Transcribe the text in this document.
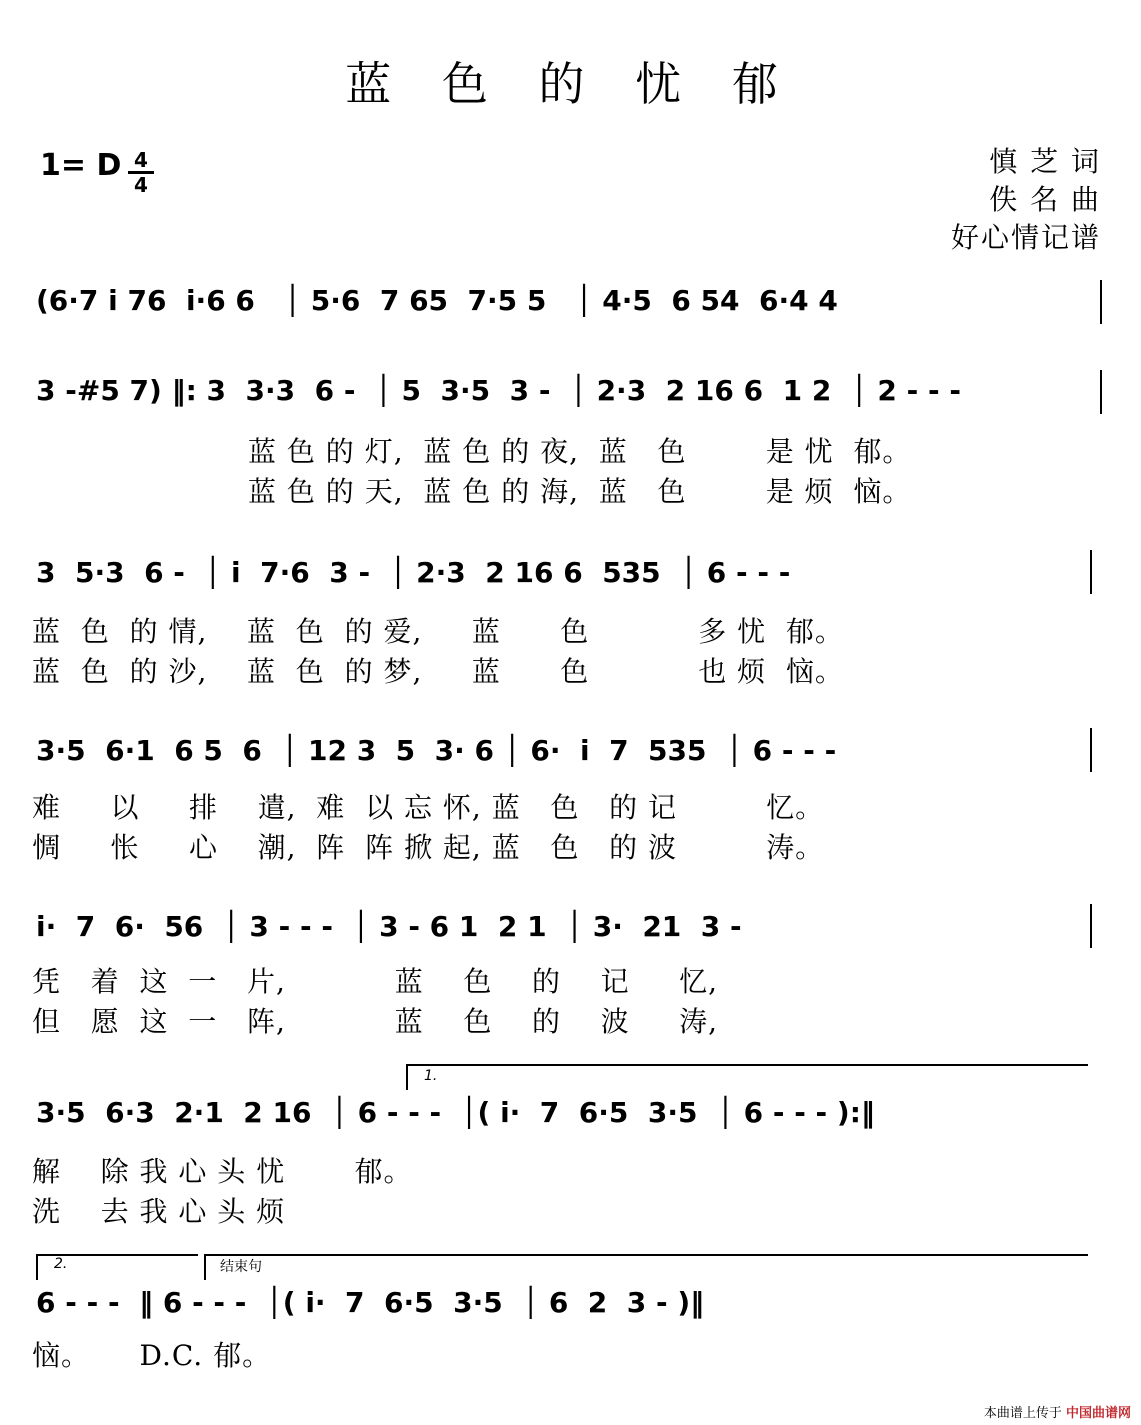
蓝 色 的 忧 郁
1= D 4
4
慎 芝 词
佚 名 曲
好心情记谱
(6·7 i 76  i·6 6   │ 5·6  7 65  7·5 5   │ 4·5  6 54  6·4 4
3 -#5 7) ‖: 3  3·3  6 -  │ 5  3·5  3 -  │ 2·3  2 16 6  1 2  │ 2 - - -
蓝 色 的 灯,  蓝 色 的 夜,  蓝   色        是 忧  郁。
蓝 色 的 天,  蓝 色 的 海,  蓝   色        是 烦  恼。
3  5·3  6 -  │ i  7·6  3 -  │ 2·3  2 16 6  535  │ 6 - - -
蓝  色  的 情,    蓝  色  的 爱,     蓝      色           多 忧  郁。
蓝  色  的 沙,    蓝  色  的 梦,     蓝      色           也 烦  恼。
3·5  6·1  6 5  6  │ 12 3  5  3· 6 │ 6·  i  7  535  │ 6 - - -
难     以     排    遣,  难  以 忘 怀, 蓝   色   的 记         忆。
惆     怅     心    潮,  阵  阵 掀 起, 蓝   色   的 波         涛。
i·  7  6·  56  │ 3 - - -  │ 3 - 6 1  2 1  │ 3·  21  3 -
凭   着  这  一   片,           蓝    色    的    记     忆,
但   愿  这  一   阵,           蓝    色    的    波     涛,
1.
3·5  6·3  2·1  2 16  │ 6 - - -  │( i·  7  6·5  3·5  │ 6 - - - ):‖
解    除 我 心 头 忧       郁。
洗    去 我 心 头 烦
2.	结束句
6 - - -  ‖ 6 - - -  │( i·  7  6·5  3·5  │ 6  2  3 - )‖
恼。     D.C. 郁。
本曲谱上传于 中国曲谱网
